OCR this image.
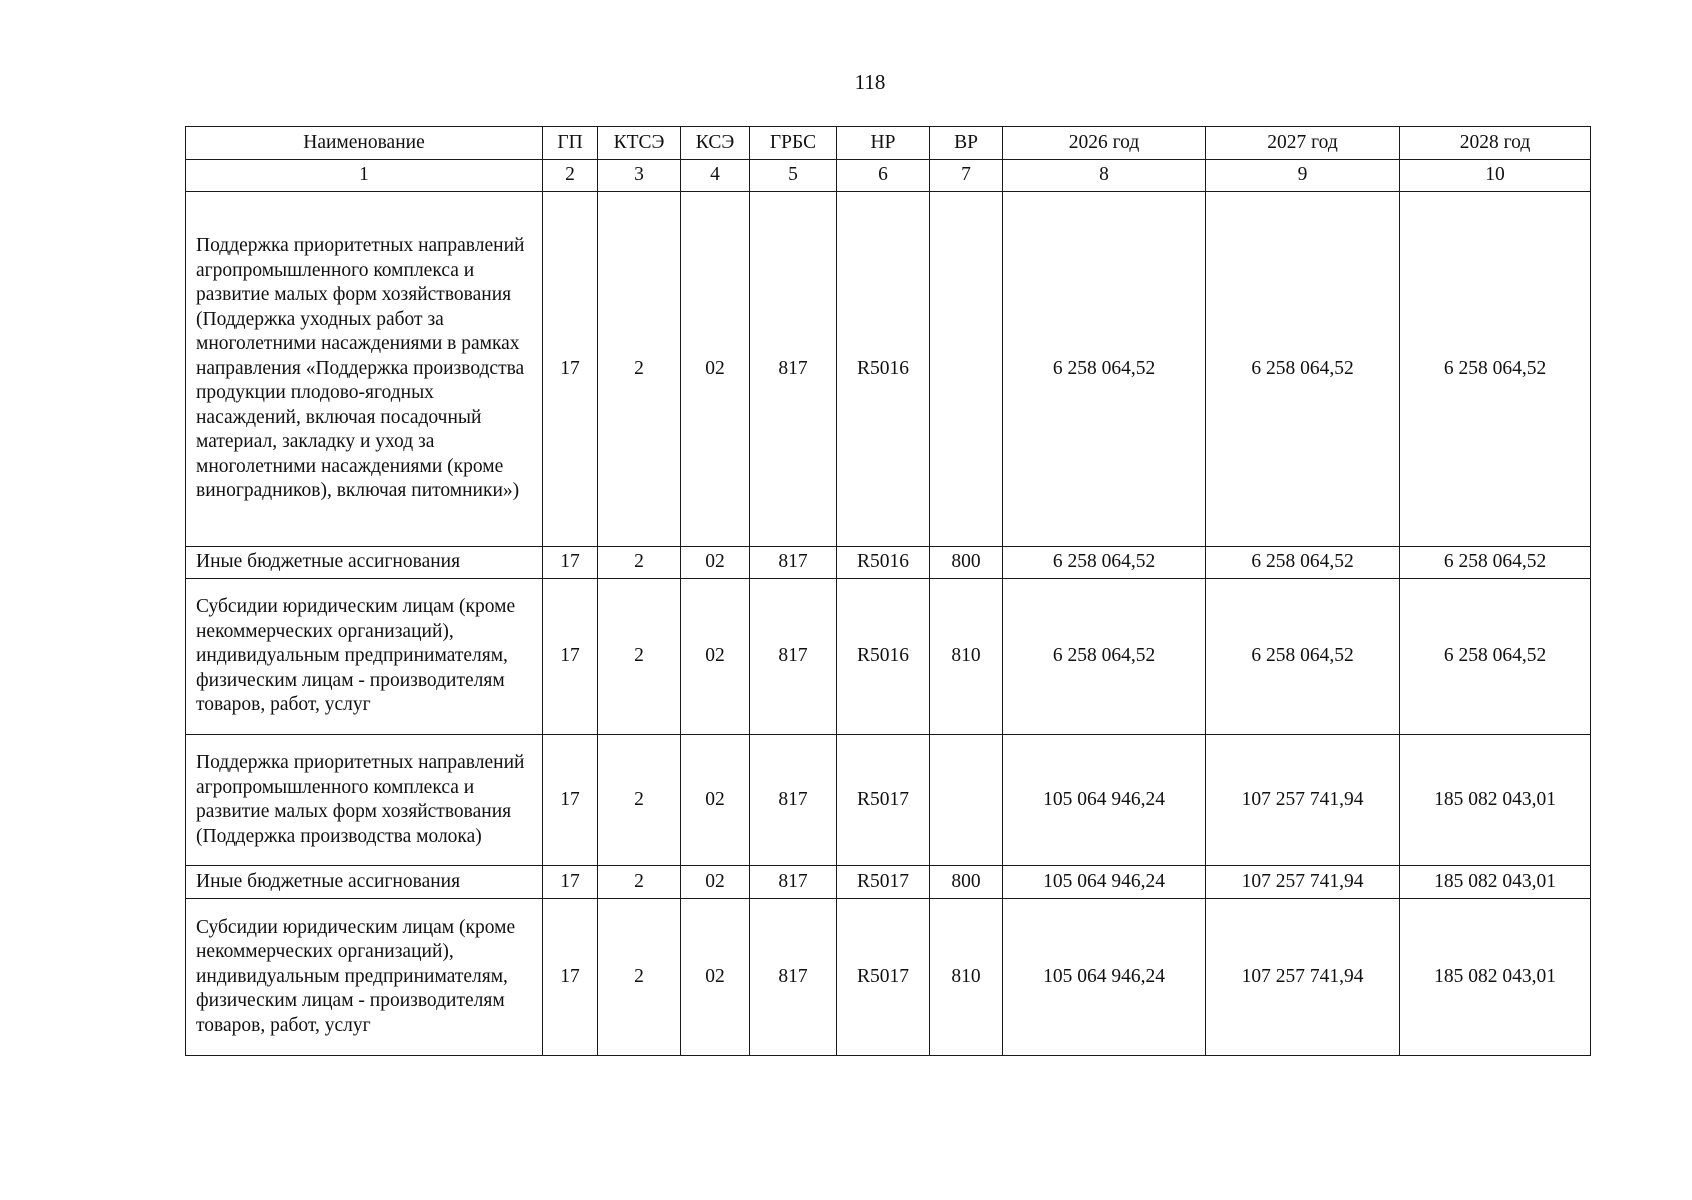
118
Наименование	ГП	КТСЭ	КСЭ	ГРБС	НР	ВР	2026 год	2027 год	2028 год
1	2	3	4	5	6	7	8	9	10
Поддержка приоритетных направлений агропромышленного комплекса и развитие малых форм хозяйствования (Поддержка уходных работ за многолетними насаждениями в рамках направления «Поддержка производства продукции плодово-ягодных насаждений, включая посадочный материал, закладку и уход за многолетними насаждениями (кроме виноградников), включая питомники»)	17	2	02	817	R5016		6 258 064,52	6 258 064,52	6 258 064,52
Иные бюджетные ассигнования	17	2	02	817	R5016	800	6 258 064,52	6 258 064,52	6 258 064,52
Субсидии юридическим лицам (кроме некоммерческих организаций), индивидуальным предпринимателям, физическим лицам - производителям товаров, работ, услуг	17	2	02	817	R5016	810	6 258 064,52	6 258 064,52	6 258 064,52
Поддержка приоритетных направлений агропромышленного комплекса и развитие малых форм хозяйствования (Поддержка производства молока)	17	2	02	817	R5017		105 064 946,24	107 257 741,94	185 082 043,01
Иные бюджетные ассигнования	17	2	02	817	R5017	800	105 064 946,24	107 257 741,94	185 082 043,01
Субсидии юридическим лицам (кроме некоммерческих организаций), индивидуальным предпринимателям, физическим лицам - производителям товаров, работ, услуг	17	2	02	817	R5017	810	105 064 946,24	107 257 741,94	185 082 043,01
